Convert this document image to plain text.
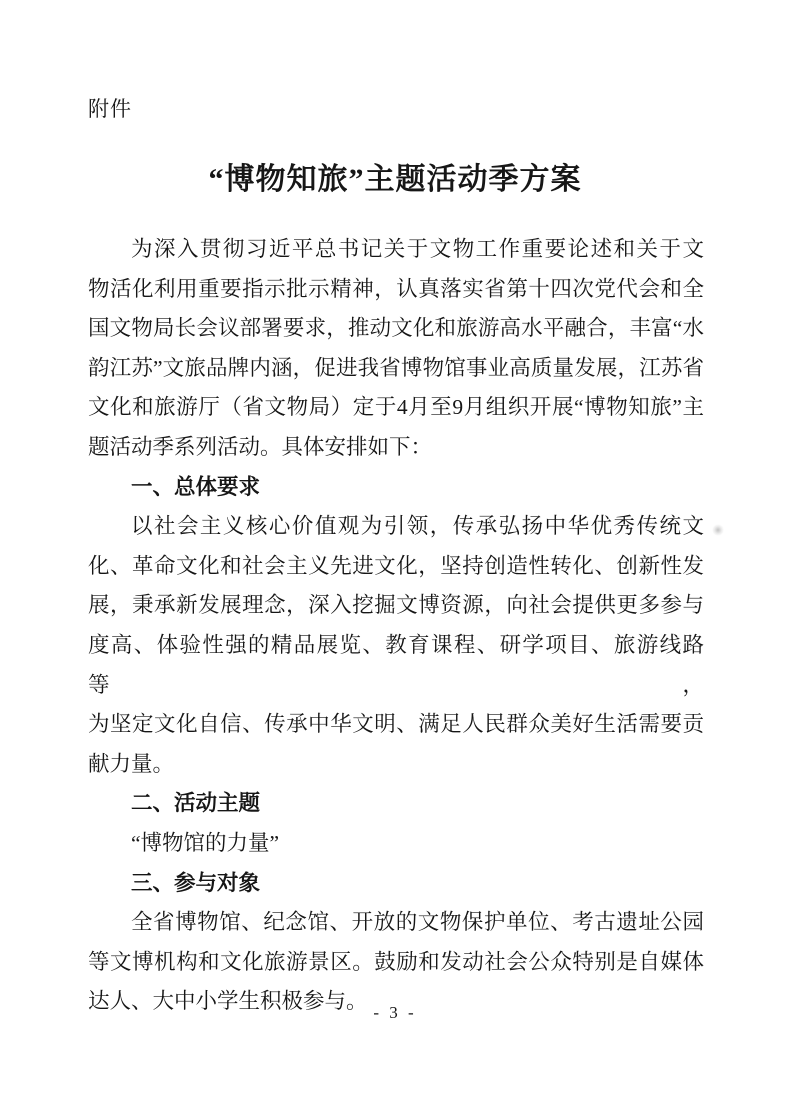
附件
“博物知旅”主题活动季方案
为深入贯彻习近平总书记关于文物工作重要论述和关于文
物活化利用重要指示批示精神，认真落实省第十四次党代会和全
国文物局长会议部署要求，推动文化和旅游高水平融合，丰富“水
韵江苏”文旅品牌内涵，促进我省博物馆事业高质量发展，江苏省
文化和旅游厅（省文物局）定于4月至9月组织开展“博物知旅”主
题活动季系列活动。具体安排如下：
一、总体要求
以社会主义核心价值观为引领，传承弘扬中华优秀传统文
化、革命文化和社会主义先进文化，坚持创造性转化、创新性发
展，秉承新发展理念，深入挖掘文博资源，向社会提供更多参与
度高、体验性强的精品展览、教育课程、研学项目、旅游线路等，
为坚定文化自信、传承中华文明、满足人民群众美好生活需要贡
献力量。
二、活动主题
“博物馆的力量”
三、参与对象
全省博物馆、纪念馆、开放的文物保护单位、考古遗址公园
等文博机构和文化旅游景区。鼓励和发动社会公众特别是自媒体
达人、大中小学生积极参与。 - 3 -
